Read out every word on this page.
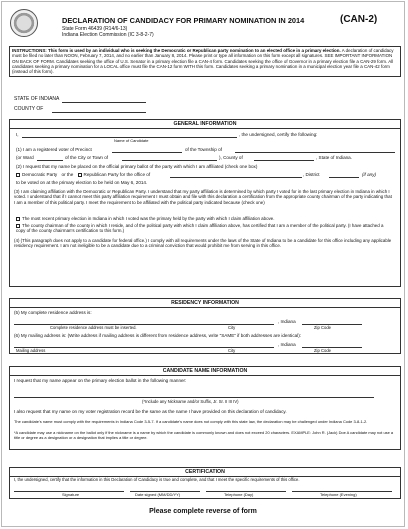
DECLARATION OF CANDIDACY FOR PRIMARY NOMINATION IN 2014	(CAN-2)
State Form 46439 (R14/6-13)
Indiana Election Commission (IC 3-8-2-7)
INSTRUCTIONS: This form is used by an individual who is seeking the Democratic or Republican party nomination to an elected office in a primary election. A declaration of candidacy must be filed no later than NOON, February 7, 2014, and no earlier than January 8, 2014. Please print or type all information on this form except all signatures. SEE IMPORTANT INFORMATION ON BACK OF FORM. Candidates seeking the office of U.S. Senator in a primary election file a CAN-4 form. Candidates seeking the office of Governor in a primary election file a CAN-29 form. All candidates seeking a primary nomination for a LOCAL office must file the CAN-12 form WITH this form. Candidates seeking a primary nomination in a municipal election year file a CAN-42 form (instead of this form).
STATE OF INDIANA
COUNTY OF
GENERAL INFORMATION
I,	, the undersigned, certify the following:
Name of Candidate
(1) I am a registered voter of Precinct	of the Township of
(or Ward	of the City or Town of	), County of	, State of Indiana.
(2) I request that my name be placed on the official primary ballot of the party with which I am affiliated (check one box)
Democratic Party or the Republican Party for the office of	, District	(if any)
to be voted on at the primary election to be held on May 6, 2014.
(3) I am claiming affiliation with the Democratic or Republican Party. I understand that my party affiliation is determined by which party I voted for in the last primary election in Indiana in which I voted. I understand that if I cannot meet this party affiliation requirement I must obtain and file with this declaration a certification from the appropriate county chairman of the party indicating that I am a member of this political party. I meet the requirement to be affiliated with the political party indicated because (check one)
The most recent primary election in Indiana in which I voted was the primary held by the party with which I claim affiliation above.
The county chairman of the county in which I reside, and of the political party with which I claim affiliation above, has certified that I am a member of the political party. (I have attached a copy of the county chairman's certification to this form.)
(4) (This paragraph does not apply to a candidate for federal office.) I comply with all requirements under the laws of the State of Indiana to be a candidate for this office including any applicable residency requirement. I am not ineligible to be a candidate due to a criminal conviction that would prohibit me from serving in this office.
RESIDENCY INFORMATION
(5) My complete residence address is:
, Indiana
Complete residence address must be inserted.	City	Zip Code
(6) My mailing address is: (Write address if mailing address is different from residence address, write "SAME" if both addresses are identical):
, Indiana
Mailing address	City	Zip Code
CANDIDATE NAME INFORMATION
I request that my name appear on the primary election ballot in the following manner:
(*Include any Nickname and/or Suffix, Jr. Sr. II III IV)
I also request that my name on my voter registration record be the same as the name I have provided on this declaration of candidacy.
The candidate's name must comply with the requirements in Indiana Code 3-5-7. If a candidate's name does not comply with this state law, the declaration may be challenged under Indiana Code 3-8-1-2.
*A candidate may use a nickname on the ballot only if the nickname is a name by which the candidate is commonly known and does not exceed 20 characters. EXAMPLE: John R. (Jack) Doe A candidate may not use a title or degree as a designation or a designation that implies a title or degree.
CERTIFICATION
I, the undersigned, certify that the information in this Declaration of Candidacy is true and complete, and that I meet the specific requirements of this office.
Signature	Date signed (MM/DD/YY)	Telephone (Day)	Telephone (Evening)
Please complete reverse of form
